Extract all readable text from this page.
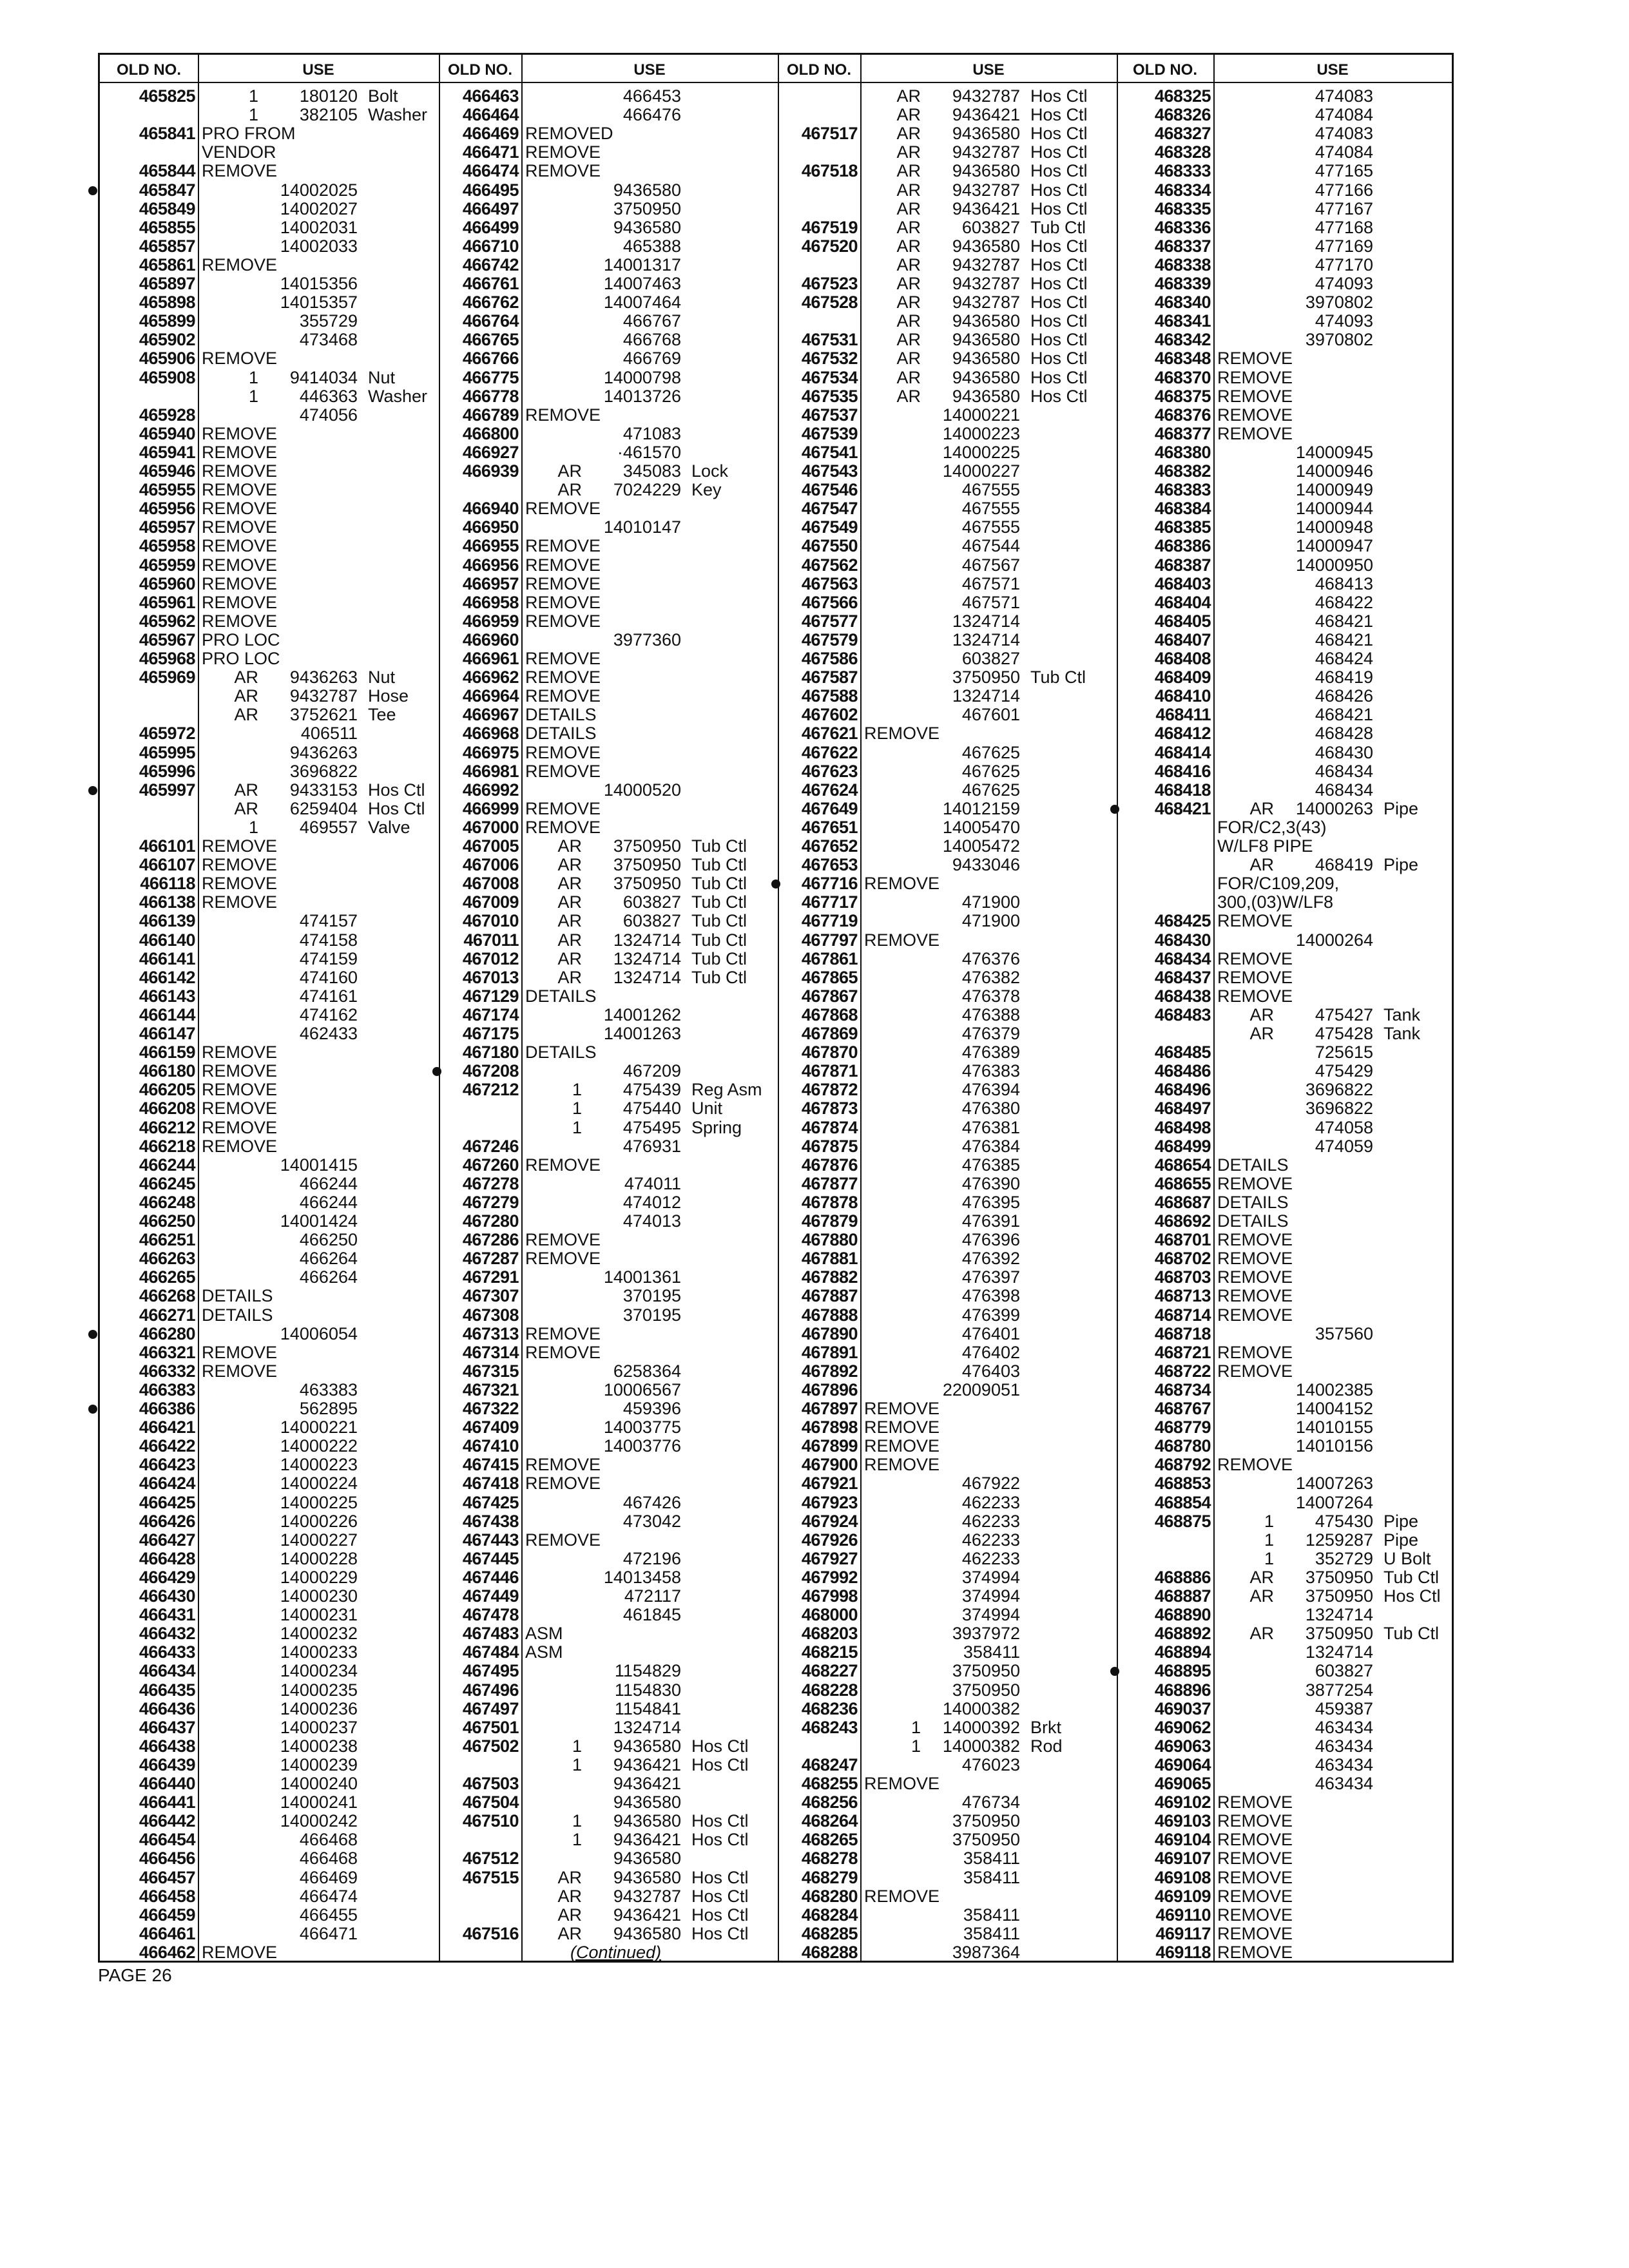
OLD NO.	USE
465825	1	180120 Bolt
1	382105 Washer
465841 PRO FROM
VENDOR
465844 REMOVE
465847	14002025
465849	14002027
465855	14002031
465857	14002033
465861 REMOVE
465897	14015356
465898	14015357
465899	355729
465902	473468
465906 REMOVE
465908	1	9414034 Nut
1	446363 Washer
465928	474056
465940 REMOVE
465941 REMOVE
465946 REMOVE
465955 REMOVE
465956 REMOVE
465957 REMOVE
465958 REMOVE
465959 REMOVE
465960 REMOVE
465961 REMOVE
465962 REMOVE
465967 PRO LOC
465968 PRO LOC
465969	AR	9436263 Nut
AR	9432787 Hose
AR	3752621 Tee
465972	406511
465995	9436263
465996	3696822
465997	AR	9433153 Hos Ctl
AR	6259404 Hos Ctl
1	469557 Valve
466101 REMOVE
466107 REMOVE
466118 REMOVE
466138 REMOVE
466139	474157
466140	474158
466141	474159
466142	474160
466143	474161
466144	474162
466147	462433
466159 REMOVE
466180 REMOVE
466205 REMOVE
466208 REMOVE
466212 REMOVE
466218 REMOVE
466244	14001415
466245	466244
466248	466244
466250	14001424
466251	466250
466263	466264
466265	466264
466268 DETAILS
466271 DETAILS
466280	14006054
466321 REMOVE
466332 REMOVE
466383	463383
466386	562895
466421	14000221
466422	14000222
466423	14000223
466424	14000224
466425	14000225
466426	14000226
466427	14000227
466428	14000228
466429	14000229
466430	14000230
466431	14000231
466432	14000232
466433	14000233
466434	14000234
466435	14000235
466436	14000236
466437	14000237
466438	14000238
466439	14000239
466440	14000240
466441	14000241
466442	14000242
466454	466468
466456	466468
466457	466469
466458	466474
466459	466455
466461	466471
466462 REMOVE
OLD NO.	USE
466463	466453
466464	466476
466469 REMOVED
466471 REMOVE
466474 REMOVE
466495	9436580
466497	3750950
466499	9436580
466710	465388
466742	14001317
466761	14007463
466762	14007464
466764	466767
466765	466768
466766	466769
466775	14000798
466778	14013726
466789 REMOVE
466800	471083
466927	·461570
466939	AR	345083 Lock
AR	7024229 Key
466940 REMOVE
466950	14010147
466955 REMOVE
466956 REMOVE
466957 REMOVE
466958 REMOVE
466959 REMOVE
466960	3977360
466961 REMOVE
466962 REMOVE
466964 REMOVE
466967 DETAILS
466968 DETAILS
466975 REMOVE
466981 REMOVE
466992	14000520
466999 REMOVE
467000 REMOVE
467005	AR	3750950 Tub Ctl
467006	AR	3750950 Tub Ctl
467008	AR	3750950 Tub Ctl
467009	AR	603827 Tub Ctl
467010	AR	603827 Tub Ctl
467011	AR	1324714 Tub Ctl
467012	AR	1324714 Tub Ctl
467013	AR	1324714 Tub Ctl
467129 DETAILS
467174	14001262
467175	14001263
467180 DETAILS
467208	467209
467212	1	475439 Reg Asm
1	475440 Unit
1	475495 Spring
467246	476931
467260 REMOVE
467278	474011
467279	474012
467280	474013
467286 REMOVE
467287 REMOVE
467291	14001361
467307	370195
467308	370195
467313 REMOVE
467314 REMOVE
467315	6258364
467321	10006567
467322	459396
467409	14003775
467410	14003776
467415 REMOVE
467418 REMOVE
467425	467426
467438	473042
467443 REMOVE
467445	472196
467446	14013458
467449	472117
467478	461845
467483 ASM
467484 ASM
467495	1154829
467496	1154830
467497	1154841
467501	1324714
467502	1	9436580 Hos Ctl
1	9436421 Hos Ctl
467503	9436421
467504	9436580
467510	1	9436580 Hos Ctl
1	9436421 Hos Ctl
467512	9436580
467515	AR	9436580 Hos Ctl
AR	9432787 Hos Ctl
AR	9436421 Hos Ctl
467516	AR	9436580 Hos Ctl
(Continued)
OLD NO.	USE
AR	9432787 Hos Ctl
AR	9436421 Hos Ctl
467517	AR	9436580 Hos Ctl
AR	9432787 Hos Ctl
467518	AR	9436580 Hos Ctl
AR	9432787 Hos Ctl
AR	9436421 Hos Ctl
467519	AR	603827 Tub Ctl
467520	AR	9436580 Hos Ctl
AR	9432787 Hos Ctl
467523	AR	9432787 Hos Ctl
467528	AR	9432787 Hos Ctl
AR	9436580 Hos Ctl
467531	AR	9436580 Hos Ctl
467532	AR	9436580 Hos Ctl
467534	AR	9436580 Hos Ctl
467535	AR	9436580 Hos Ctl
467537	14000221
467539	14000223
467541	14000225
467543	14000227
467546	467555
467547	467555
467549	467555
467550	467544
467562	467567
467563	467571
467566	467571
467577	1324714
467579	1324714
467586	603827
467587	3750950 Tub Ctl
467588	1324714
467602	467601
467621 REMOVE
467622	467625
467623	467625
467624	467625
467649	14012159
467651	14005470
467652	14005472
467653	9433046
467716 REMOVE
467717	471900
467719	471900
467797 REMOVE
467861	476376
467865	476382
467867	476378
467868	476388
467869	476379
467870	476389
467871	476383
467872	476394
467873	476380
467874	476381
467875	476384
467876	476385
467877	476390
467878	476395
467879	476391
467880	476396
467881	476392
467882	476397
467887	476398
467888	476399
467890	476401
467891	476402
467892	476403
467896	22009051
467897 REMOVE
467898 REMOVE
467899 REMOVE
467900 REMOVE
467921	467922
467923	462233
467924	462233
467926	462233
467927	462233
467992	374994
467998	374994
468000	374994
468203	3937972
468215	358411
468227	3750950
468228	3750950
468236	14000382
468243	1	14000392 Brkt
1	14000382 Rod
468247	476023
468255 REMOVE
468256	476734
468264	3750950
468265	3750950
468278	358411
468279	358411
468280 REMOVE
468284	358411
468285	358411
468288	3987364
OLD NO.	USE
468325	474083
468326	474084
468327	474083
468328	474084
468333	477165
468334	477166
468335	477167
468336	477168
468337	477169
468338	477170
468339	474093
468340	3970802
468341	474093
468342	3970802
468348 REMOVE
468370 REMOVE
468375 REMOVE
468376 REMOVE
468377 REMOVE
468380	14000945
468382	14000946
468383	14000949
468384	14000944
468385	14000948
468386	14000947
468387	14000950
468403	468413
468404	468422
468405	468421
468407	468421
468408	468424
468409	468419
468410	468426
468411	468421
468412	468428
468414	468430
468416	468434
468418	468434
468421	AR	14000263 Pipe
FOR/C2,3(43)
W/LF8 PIPE
AR	468419 Pipe
FOR/C109,209,
300,(03)W/LF8
468425 REMOVE
468430	14000264
468434 REMOVE
468437 REMOVE
468438 REMOVE
468483	AR	475427 Tank
AR	475428 Tank
468485	725615
468486	475429
468496	3696822
468497	3696822
468498	474058
468499	474059
468654 DETAILS
468655 REMOVE
468687 DETAILS
468692 DETAILS
468701 REMOVE
468702 REMOVE
468703 REMOVE
468713 REMOVE
468714 REMOVE
468718	357560
468721 REMOVE
468722 REMOVE
468734	14002385
468767	14004152
468779	14010155
468780	14010156
468792 REMOVE
468853	14007263
468854	14007264
468875	1	475430 Pipe
1	1259287 Pipe
1	352729 U Bolt
468886	AR	3750950 Tub Ctl
468887	AR	3750950 Hos Ctl
468890	1324714
468892	AR	3750950 Tub Ctl
468894	1324714
468895	603827
468896	3877254
469037	459387
469062	463434
469063	463434
469064	463434
469065	463434
469102 REMOVE
469103 REMOVE
469104 REMOVE
469107 REMOVE
469108 REMOVE
469109 REMOVE
469110 REMOVE
469117 REMOVE
469118 REMOVE
PAGE 26
